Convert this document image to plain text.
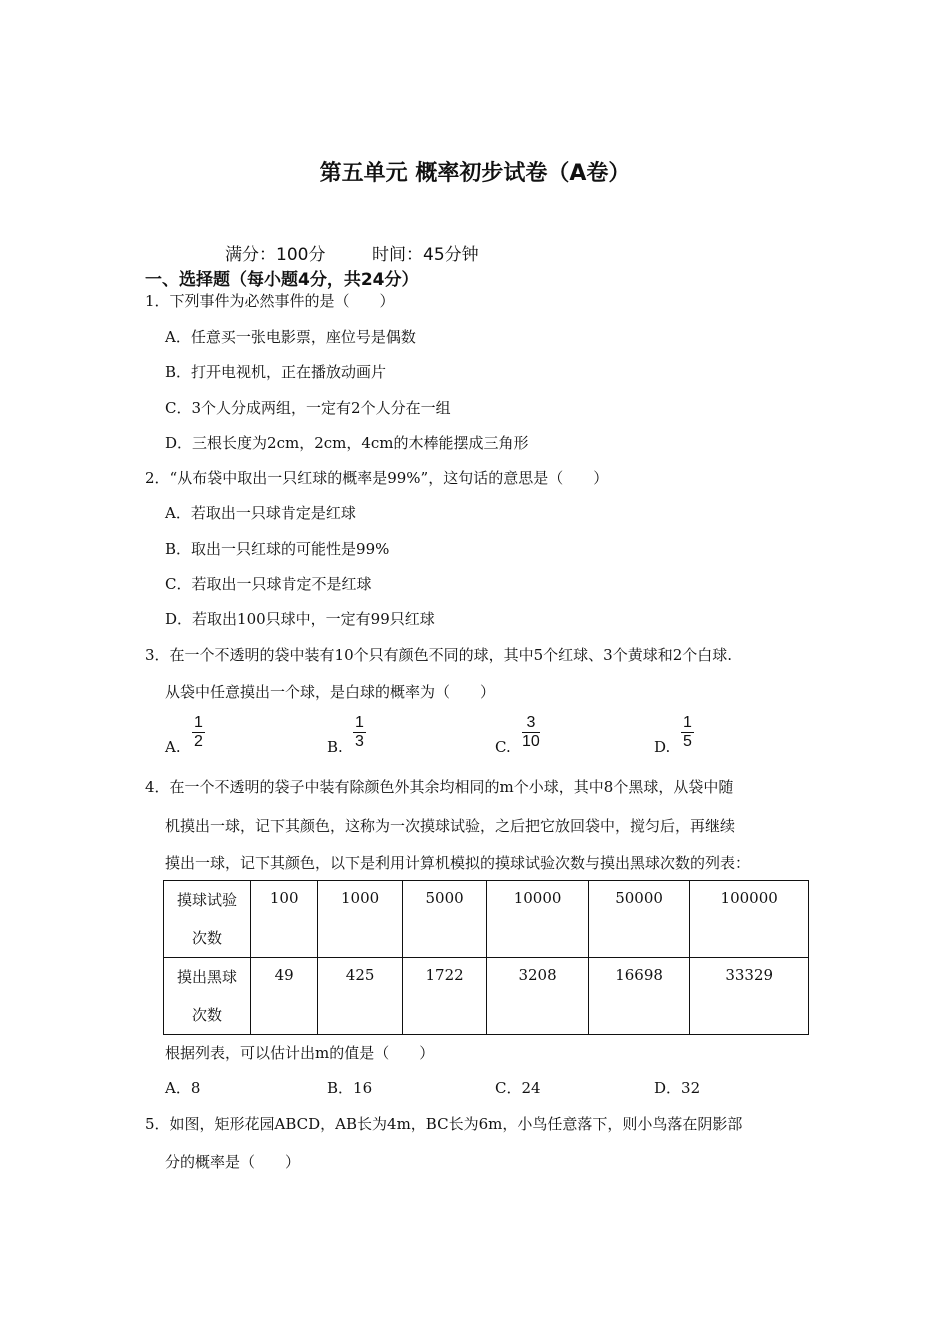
第五单元 概率初步试卷（A卷）
满分：100分	时间：45分钟
一、选择题（每小题4分，共24分）
1．下列事件为必然事件的是（　　）
A．任意买一张电影票，座位号是偶数
B．打开电视机，正在播放动画片
C．3个人分成两组，一定有2个人分在一组
D．三根长度为2cm，2cm，4cm的木棒能摆成三角形
2．“从布袋中取出一只红球的概率是99%”，这句话的意思是（　　）
A．若取出一只球肯定是红球
B．取出一只红球的可能性是99%
C．若取出一只球肯定不是红球
D．若取出100只球中，一定有99只红球
3．在一个不透明的袋中装有10个只有颜色不同的球，其中5个红球、3个黄球和2个白球.
从袋中任意摸出一个球，是白球的概率为（　　）
A. $\frac{1}{2}$	B. $\frac{1}{3}$	C. $\frac{3}{10}$	D. $\frac{1}{5}$
4．在一个不透明的袋子中装有除颜色外其余均相同的m个小球，其中8个黑球，从袋中随
机摸出一球，记下其颜色，这称为一次摸球试验，之后把它放回袋中，搅匀后，再继续
摸出一球，记下其颜色，以下是利用计算机模拟的摸球试验次数与摸出黑球次数的列表：
摸球试验
次数	100	1000	5000	10000	50000	100000
摸出黑球
次数	49	425	1722	3208	16698	33329
根据列表，可以估计出m的值是（　　）
A．8	B．16	C．24	D．32
5．如图，矩形花园ABCD，AB长为4m，BC长为6m，小鸟任意落下，则小鸟落在阴影部
分的概率是（　　）
